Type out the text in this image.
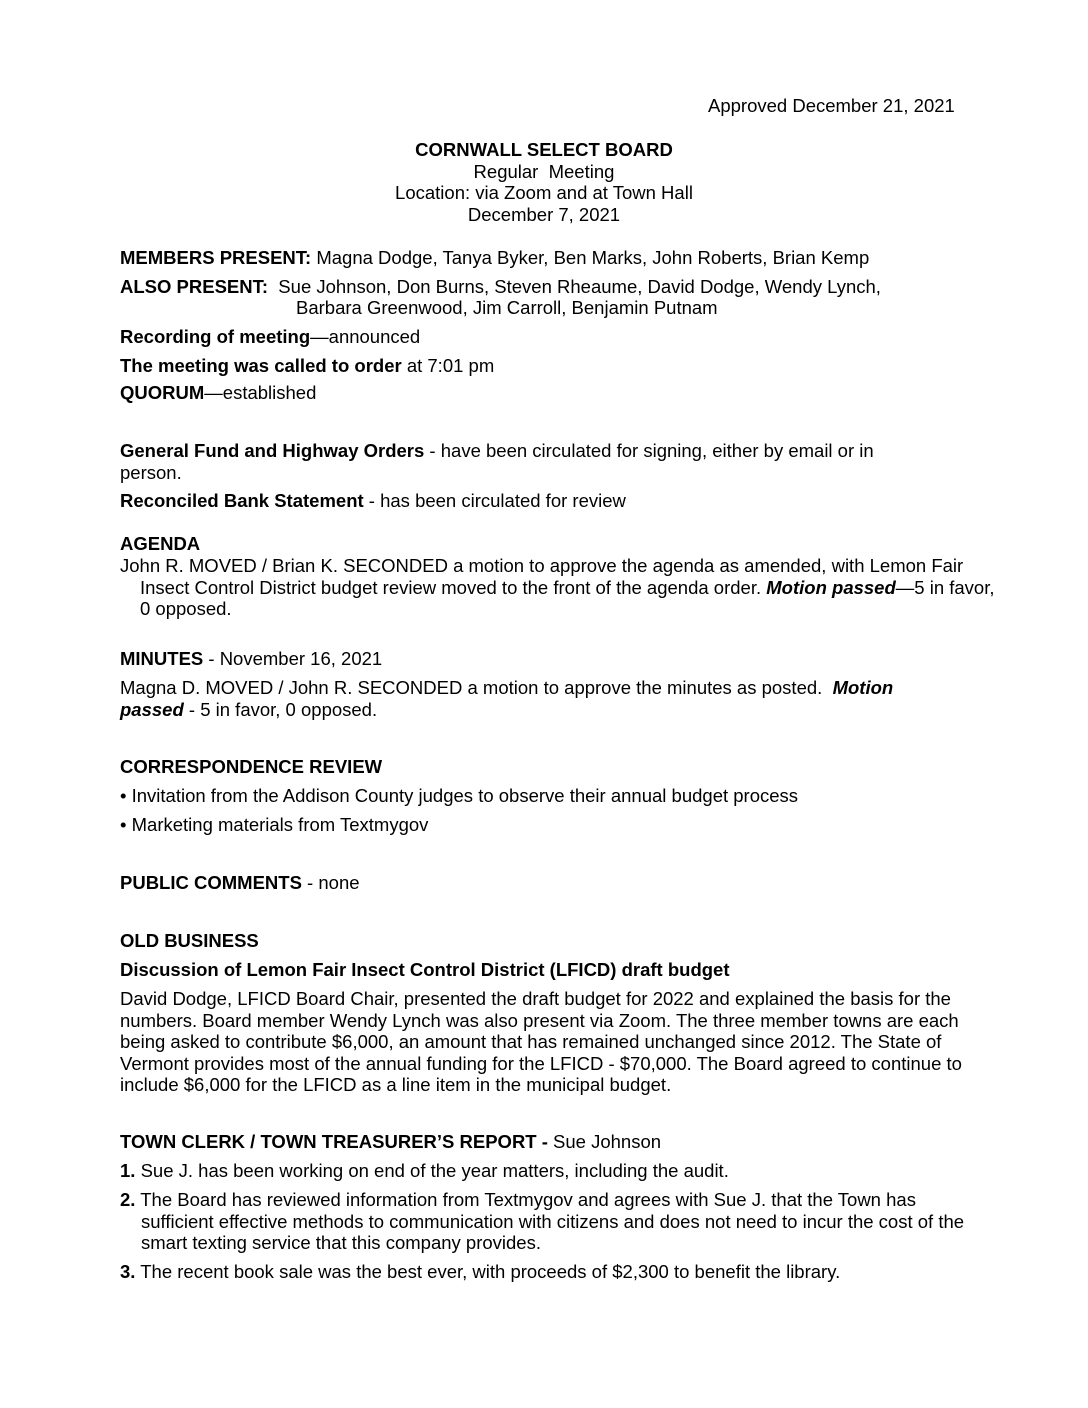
Approved December 21, 2021
CORNWALL SELECT BOARD
Regular  Meeting
Location: via Zoom and at Town Hall
December 7, 2021
MEMBERS PRESENT: Magna Dodge, Tanya Byker, Ben Marks, John Roberts, Brian Kemp
ALSO PRESENT:  Sue Johnson, Don Burns, Steven Rheaume, David Dodge, Wendy Lynch,
Barbara Greenwood, Jim Carroll, Benjamin Putnam
Recording of meeting—announced
The meeting was called to order at 7:01 pm
QUORUM—established
General Fund and Highway Orders - have been circulated for signing, either by email or in person.
Reconciled Bank Statement - has been circulated for review
AGENDA
John R. MOVED / Brian K. SECONDED a motion to approve the agenda as amended, with Lemon Fair Insect Control District budget review moved to the front of the agenda order. Motion passed—5 in favor, 0 opposed.
MINUTES - November 16, 2021
Magna D. MOVED / John R. SECONDED a motion to approve the minutes as posted.  Motion passed - 5 in favor, 0 opposed.
CORRESPONDENCE REVIEW
• Invitation from the Addison County judges to observe their annual budget process
• Marketing materials from Textmygov
PUBLIC COMMENTS - none
OLD BUSINESS
Discussion of Lemon Fair Insect Control District (LFICD) draft budget
David Dodge, LFICD Board Chair, presented the draft budget for 2022 and explained the basis for the numbers. Board member Wendy Lynch was also present via Zoom. The three member towns are each being asked to contribute $6,000, an amount that has remained unchanged since 2012. The State of Vermont provides most of the annual funding for the LFICD - $70,000. The Board agreed to continue to include $6,000 for the LFICD as a line item in the municipal budget.
TOWN CLERK / TOWN TREASURER’S REPORT - Sue Johnson
1. Sue J. has been working on end of the year matters, including the audit.
2. The Board has reviewed information from Textmygov and agrees with Sue J. that the Town has sufficient effective methods to communication with citizens and does not need to incur the cost of the smart texting service that this company provides.
3. The recent book sale was the best ever, with proceeds of $2,300 to benefit the library.
